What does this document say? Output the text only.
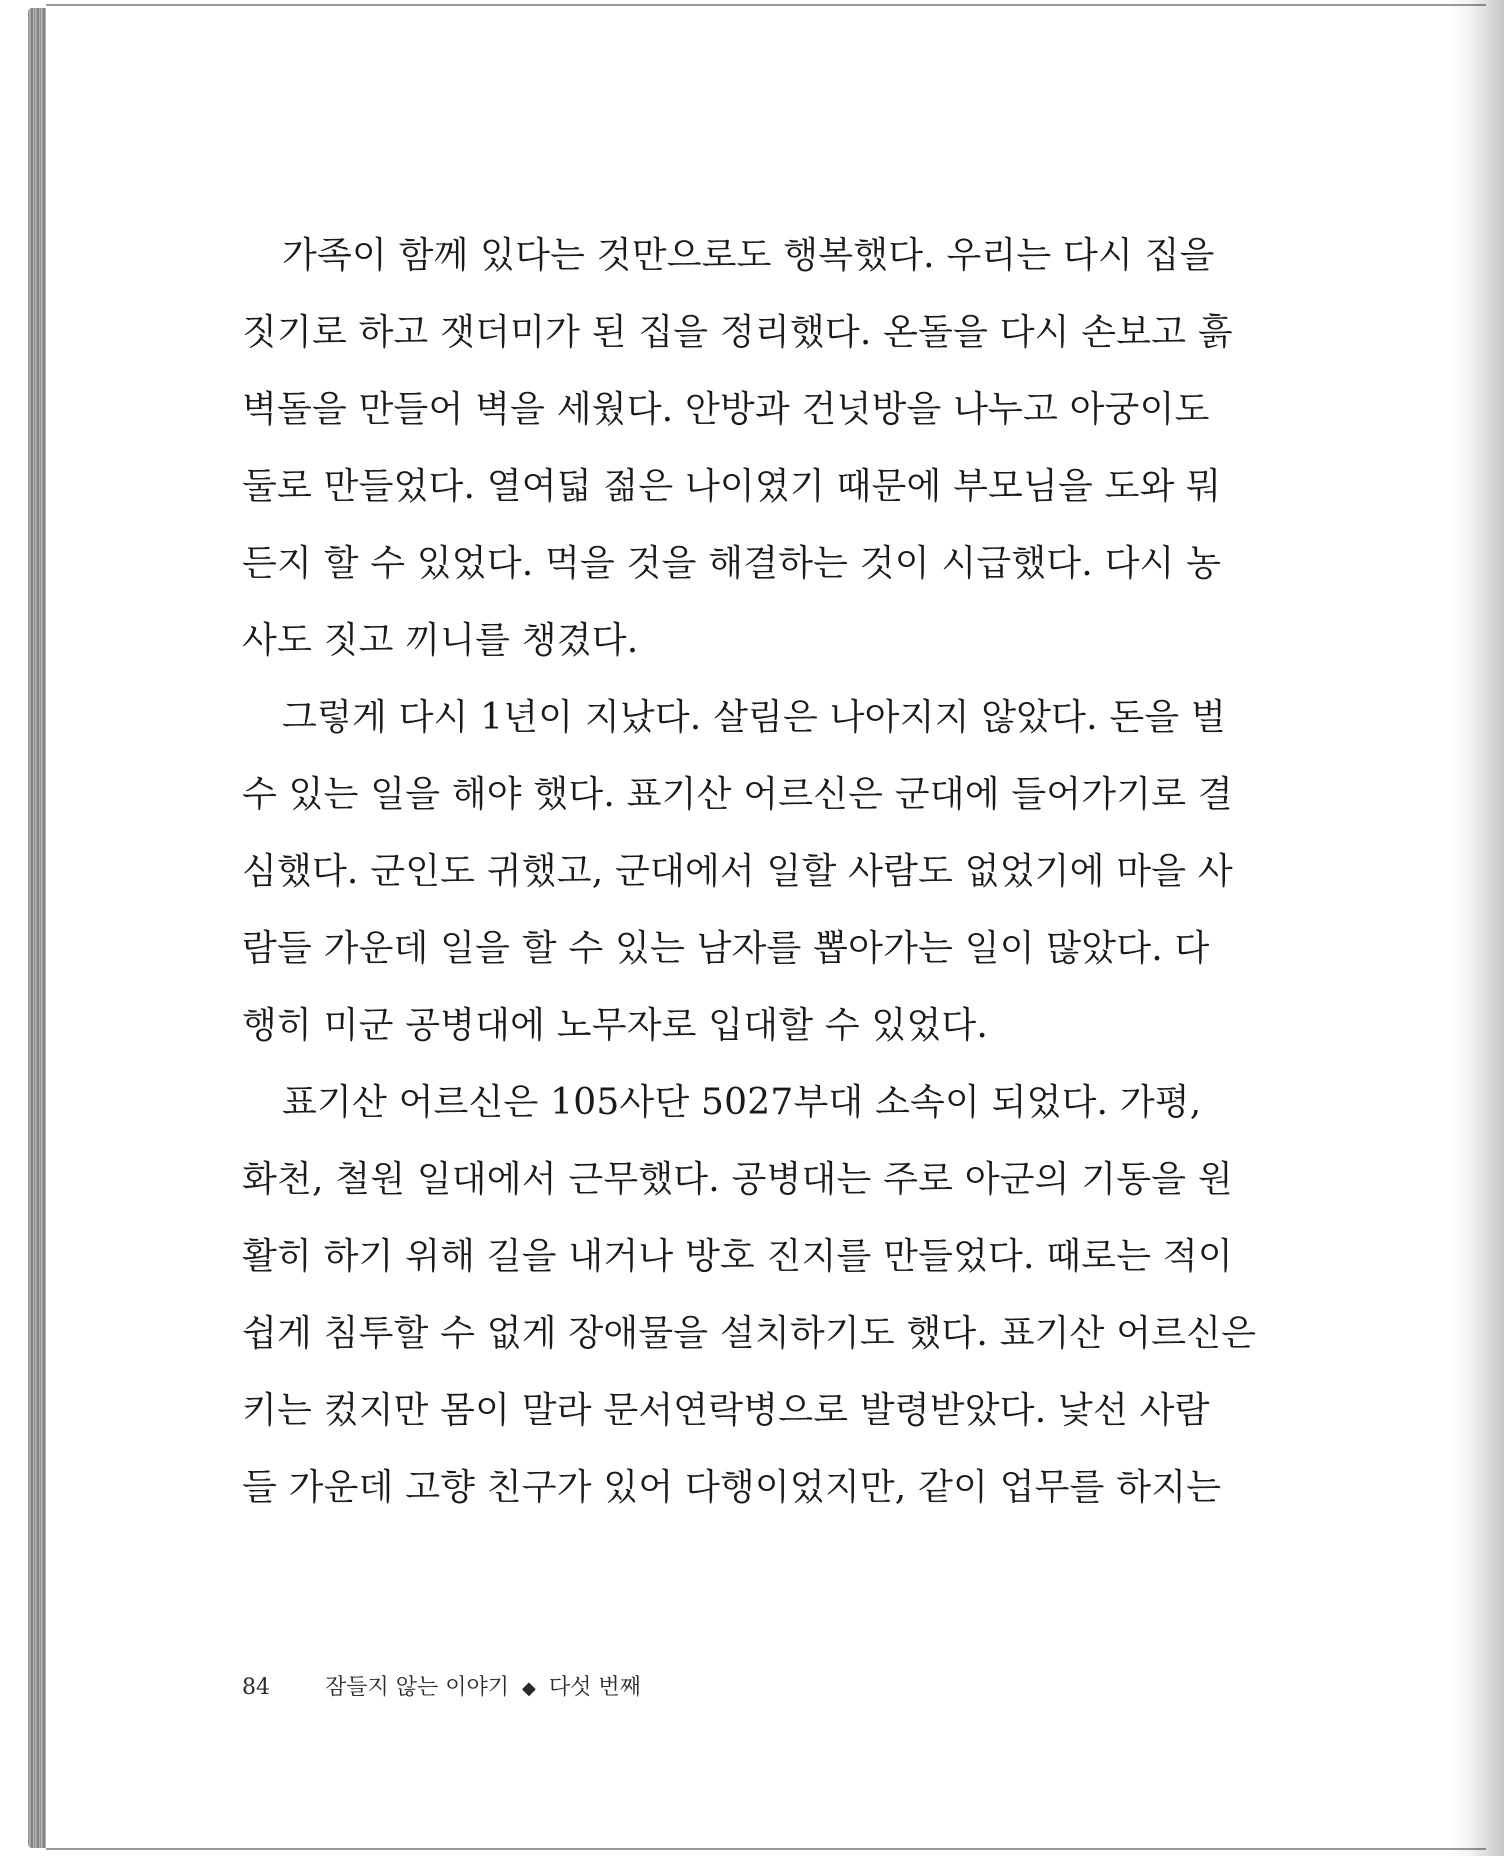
가족이 함께 있다는 것만으로도 행복했다. 우리는 다시 집을
짓기로 하고 잿더미가 된 집을 정리했다. 온돌을 다시 손보고 흙
벽돌을 만들어 벽을 세웠다. 안방과 건넛방을 나누고 아궁이도
둘로 만들었다. 열여덟 젊은 나이였기 때문에 부모님을 도와 뭐
든지 할 수 있었다. 먹을 것을 해결하는 것이 시급했다. 다시 농
사도 짓고 끼니를 챙겼다.
그렇게 다시 1년이 지났다. 살림은 나아지지 않았다. 돈을 벌
수 있는 일을 해야 했다. 표기산 어르신은 군대에 들어가기로 결
심했다. 군인도 귀했고, 군대에서 일할 사람도 없었기에 마을 사
람들 가운데 일을 할 수 있는 남자를 뽑아가는 일이 많았다. 다
행히 미군 공병대에 노무자로 입대할 수 있었다.
표기산 어르신은 105사단 5027부대 소속이 되었다. 가평,
화천, 철원 일대에서 근무했다. 공병대는 주로 아군의 기동을 원
활히 하기 위해 길을 내거나 방호 진지를 만들었다. 때로는 적이
쉽게 침투할 수 없게 장애물을 설치하기도 했다. 표기산 어르신은
키는 컸지만 몸이 말라 문서연락병으로 발령받았다. 낯선 사람
들 가운데 고향 친구가 있어 다행이었지만, 같이 업무를 하지는
84	잠들지 않는 이야기 ◆ 다섯 번째
